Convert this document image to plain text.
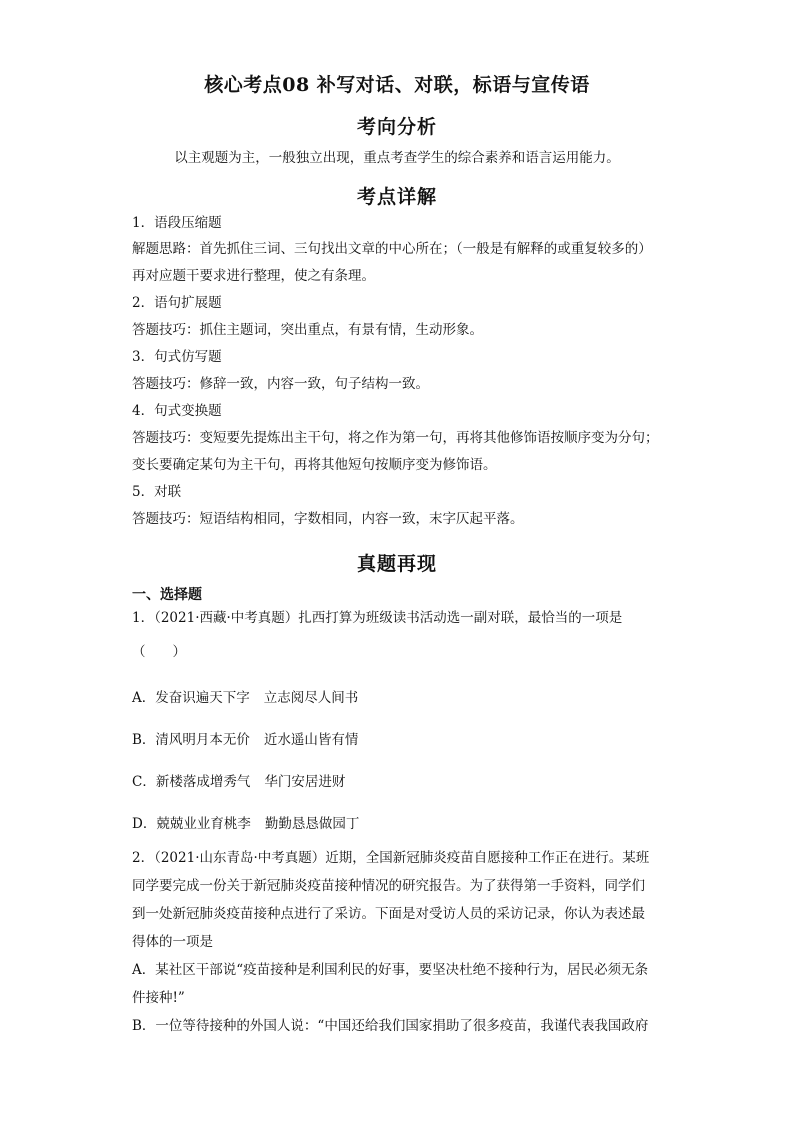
核心考点08 补写对话、对联，标语与宣传语
考向分析
以主观题为主，一般独立出现，重点考查学生的综合素养和语言运用能力。
考点详解
1．语段压缩题
解题思路：首先抓住三词、三句找出文章的中心所在；（一般是有解释的或重复较多的）
再对应题干要求进行整理，使之有条理。
2．语句扩展题
答题技巧：抓住主题词，突出重点，有景有情，生动形象。
3．句式仿写题
答题技巧：修辞一致，内容一致，句子结构一致。
4．句式变换题
答题技巧：变短要先提炼出主干句，将之作为第一句，再将其他修饰语按顺序变为分句；
变长要确定某句为主干句，再将其他短句按顺序变为修饰语。
5．对联
答题技巧：短语结构相同，字数相同，内容一致，末字仄起平落。
真题再现
一、选择题
1．（2021·西藏·中考真题）扎西打算为班级读书活动选一副对联，最恰当的一项是
（　　）
A．发奋识遍天下字 立志阅尽人间书
B．清风明月本无价 近水遥山皆有情
C．新楼落成增秀气 华门安居进财
D．兢兢业业育桃李 勤勤恳恳做园丁
2．（2021·山东青岛·中考真题）近期，全国新冠肺炎疫苗自愿接种工作正在进行。某班
同学要完成一份关于新冠肺炎疫苗接种情况的研究报告。为了获得第一手资料，同学们
到一处新冠肺炎疫苗接种点进行了采访。下面是对受访人员的采访记录，你认为表述最
得体的一项是
A．某社区干部说“疫苗接种是利国利民的好事，要坚决杜绝不接种行为，居民必须无条
件接种!”
B．一位等待接种的外国人说：“中国还给我们国家捐助了很多疫苗，我谨代表我国政府
